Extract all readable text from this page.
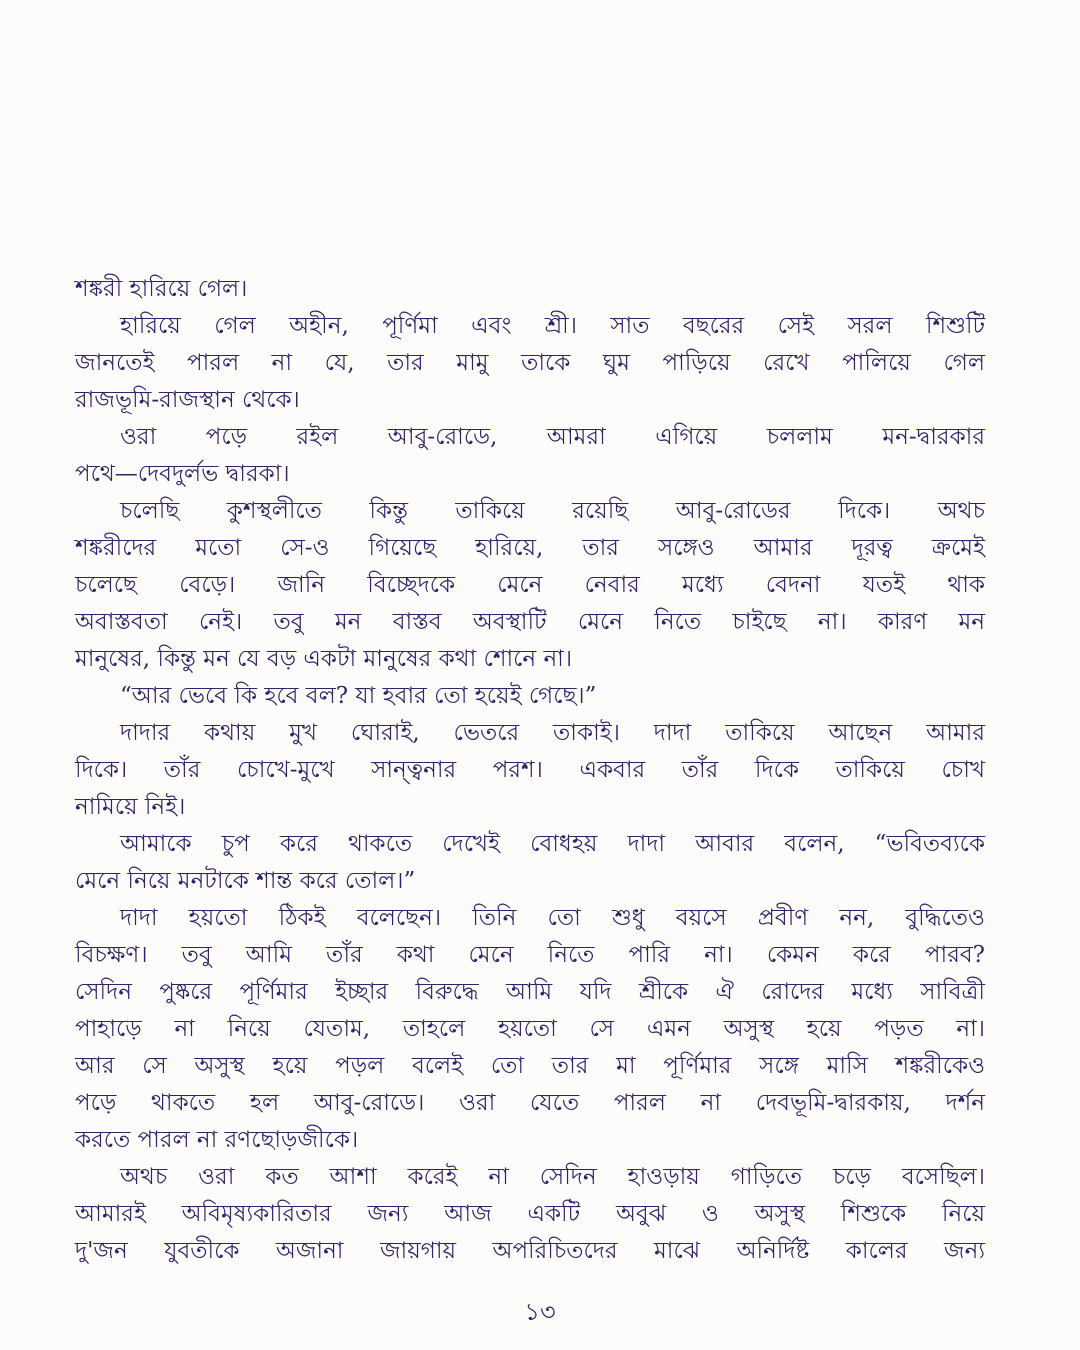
শঙ্করী হারিয়ে গেল।
হারিয়ে গেল অহীন, পূর্ণিমা এবং শ্রী। সাত বছরের সেই সরল শিশুটি
জানতেই পারল না যে, তার মামু তাকে ঘুম পাড়িয়ে রেখে পালিয়ে গেল
রাজভূমি-রাজস্থান থেকে।
ওরা পড়ে রইল আবু-রোডে, আমরা এগিয়ে চললাম মন-দ্বারকার
পথে—দেবদুর্লভ দ্বারকা।
চলেছি কুশস্থলীতে কিন্তু তাকিয়ে রয়েছি আবু-রোডের দিকে। অথচ
শঙ্করীদের মতো সে-ও গিয়েছে হারিয়ে, তার সঙ্গেও আমার দূরত্ব ক্রমেই
চলেছে বেড়ে। জানি বিচ্ছেদকে মেনে নেবার মধ্যে বেদনা যতই থাক
অবাস্তবতা নেই। তবু মন বাস্তব অবস্থাটি মেনে নিতে চাইছে না। কারণ মন
মানুষের, কিন্তু মন যে বড় একটা মানুষের কথা শোনে না।
“আর ভেবে কি হবে বল? যা হবার তো হয়েই গেছে।”
দাদার কথায় মুখ ঘোরাই, ভেতরে তাকাই। দাদা তাকিয়ে আছেন আমার
দিকে। তাঁর চোখে-মুখে সান্ত্বনার পরশ। একবার তাঁর দিকে তাকিয়ে চোখ
নামিয়ে নিই।
আমাকে চুপ করে থাকতে দেখেই বোধহয় দাদা আবার বলেন, “ভবিতব্যকে
মেনে নিয়ে মনটাকে শান্ত করে তোল।”
দাদা হয়তো ঠিকই বলেছেন। তিনি তো শুধু বয়সে প্রবীণ নন, বুদ্ধিতেও
বিচক্ষণ। তবু আমি তাঁর কথা মেনে নিতে পারি না। কেমন করে পারব?
সেদিন পুষ্করে পূর্ণিমার ইচ্ছার বিরুদ্ধে আমি যদি শ্রীকে ঐ রোদের মধ্যে সাবিত্রী
পাহাড়ে না নিয়ে যেতাম, তাহলে হয়তো সে এমন অসুস্থ হয়ে পড়ত না।
আর সে অসুস্থ হয়ে পড়ল বলেই তো তার মা পূর্ণিমার সঙ্গে মাসি শঙ্করীকেও
পড়ে থাকতে হল আবু-রোডে। ওরা যেতে পারল না দেবভূমি-দ্বারকায়, দর্শন
করতে পারল না রণছোড়জীকে।
অথচ ওরা কত আশা করেই না সেদিন হাওড়ায় গাড়িতে চড়ে বসেছিল।
আমারই অবিমৃষ্যকারিতার জন্য আজ একটি অবুঝ ও অসুস্থ শিশুকে নিয়ে
দু'জন যুবতীকে অজানা জায়গায় অপরিচিতদের মাঝে অনির্দিষ্ট কালের জন্য
১৩
